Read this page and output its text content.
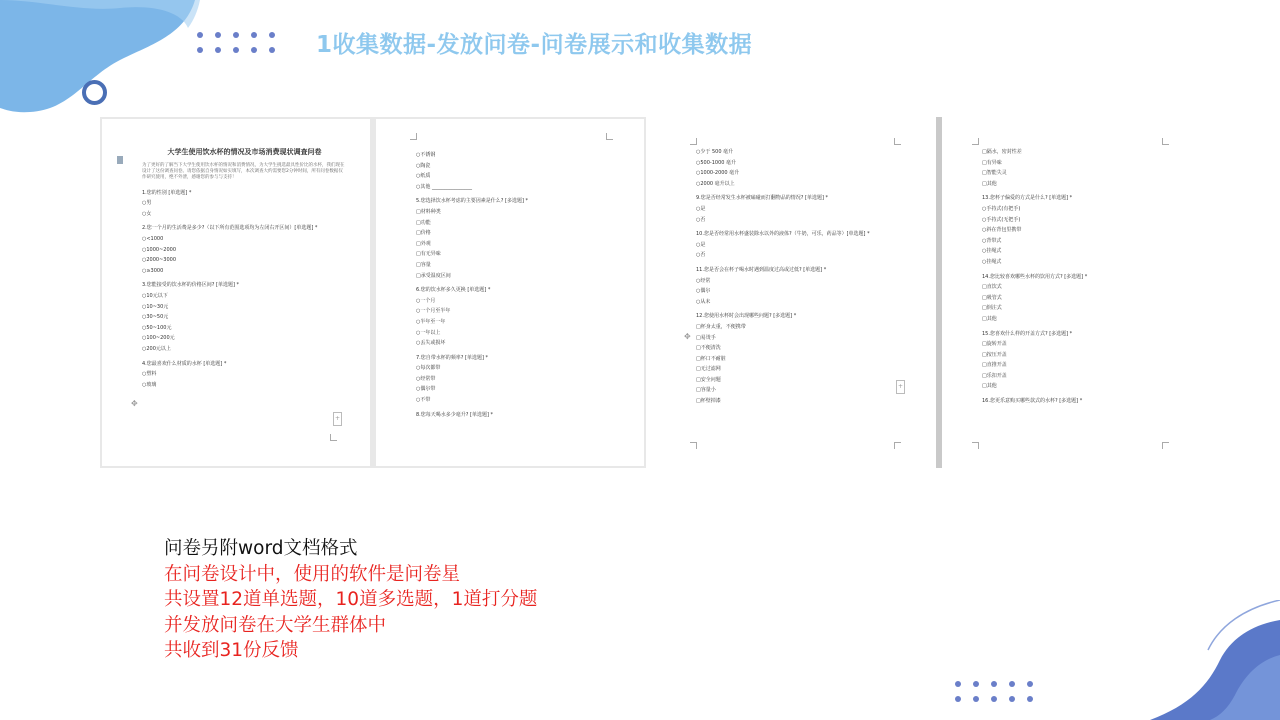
1收集数据-发放问卷-问卷展示和收集数据
大学生使用饮水杯的情况及市场消费现状调查问卷
为了更好的了解当下大学生使用饮水杯的情况和消费情况，为大学生挑选最具性价比的水杯，我们现在设计了这份调查问卷。请您依据自身情况如实填写，本次调查大约需要您2分钟时间，所有问卷数据仅作研究使用，绝不外泄，感谢您的参与与支持！
1.您的性别 [单选题] *
○男
○女
2.您一个月的生活费是多少?（以下所有范围选项均为左闭右开区间）[单选题] *
○<1000
○1000~2000
○2000~3000
○≥3000
3.您能接受的饮水杯的价格区间? [单选题] *
○10元以下
○10~30元
○30~50元
○50~100元
○100~200元
○200元以上
4.您最喜欢什么材质的水杯 [单选题] *
○塑料
○玻璃
✥
+
○不锈钢
○陶瓷
○纸质
○其他 ________________
5.您选择饮水杯考虑的主要因素是什么? [多选题] *
□材料种类
□功能
□价格
□外观
□有无异味
□容量
□承受温度区间
6.您的饮水杯多久更换 [单选题] *
○一个月
○一个月至半年
○半年至一年
○一年以上
○丢失或损坏
7.您自带水杯的频率? [单选题] *
○每次都带
○经常带
○偶尔带
○不带
8.您每天喝水多少毫升? [单选题] *
○少于 500 毫升
○500-1000 毫升
○1000-2000 毫升
○2000 毫升以上
9.您是否经常发生水杯被磕碰而打翻物品的情况? [单选题] *
○是
○否
10.您是否经常用水杯盛装除水以外的液体?（牛奶，可乐，药品等）[单选题] *
○是
○否
11.您是否会在杯子喝水时遇到温度过高或过低? [单选题] *
○经常
○偶尔
○从未
12.您使用水杯时会出现哪些问题? [多选题] *
□杯身太重，不便携带
□易烫手
□不便清洗
□杯口不耐脏
□无过滤网
□安全问题
□容量小
□杯壁掉漆
✥
+
□隔水，密封性差
□有异味
□智能失灵
□其他
13.您杯子偏爱的方式是什么? [单选题] *
○手持式(有把手)
○手持式(无把手)
○斜在背包里携带
○背带式
○挂绳式
○挂绳式
14.您比较喜欢哪些水杯的饮用方式? [多选题] *
□直饮式
□吸管式
□倒注式
□其他
15.您喜欢什么样的开盖方式? [多选题] *
□旋转开盖
□按压开盖
□直推开盖
□乐扣开盖
□其他
16.您更乐意购买哪些款式的水杯? [多选题] *
问卷另附word文档格式
在问卷设计中，使用的软件是问卷星
共设置12道单选题，10道多选题，1道打分题
并发放问卷在大学生群体中
共收到31份反馈
